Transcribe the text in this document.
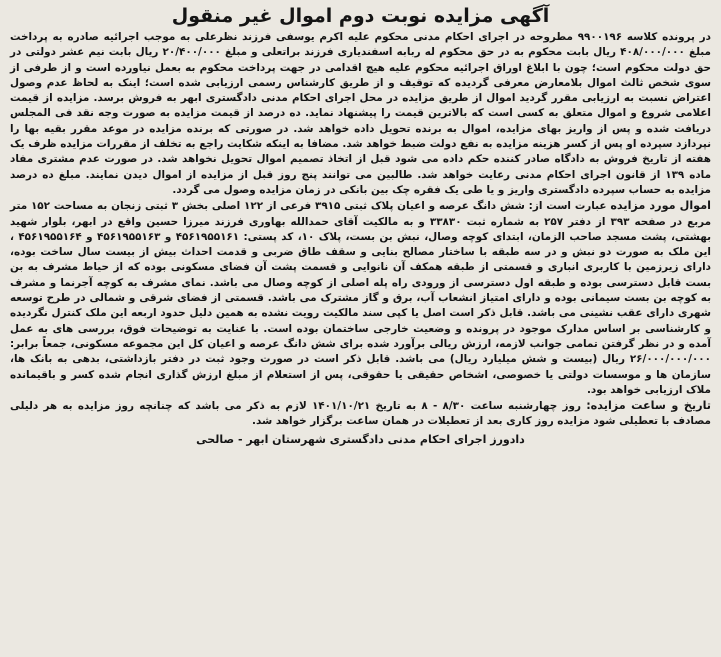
آگهی مزایده نوبت دوم اموال غیر منقول

در پرونده کلاسه ۹۹۰۰۱۹۶ مطروحه در اجرای احکام مدنی محکوم علیه اکرم یوسفی فرزند نظرعلی به موجب اجرائیه صادره به پرداخت مبلغ ۴۰۸/۰۰۰/۰۰۰ ریال بابت محکوم به در حق محکوم له ربابه اسفندیاری فرزند براتعلی و مبلغ ۲۰/۴۰۰/۰۰۰ ریال بابت نیم عشر دولتی در حق دولت محکوم است؛ چون با ابلاغ اوراق اجرائیه محکوم علیه هیچ اقدامی در جهت پرداخت محکوم به بعمل نیاورده است و از طرفی از سوی شخص ثالث اموال بلامعارض معرفی گردیده که توقیف و از طریق کارشناس رسمی ارزیابی شده است؛ اینک به لحاظ عدم وصول اعتراض نسبت به ارزیابی مقرر گردید اموال از طریق مزایده در محل اجرای احکام مدنی دادگستری ابهر به فروش برسد. مزایده از قیمت اعلامی شروع و اموال متعلق به کسی است که بالاترین قیمت را پیشنهاد نماید. ده درصد از قیمت مزایده به صورت وجه نقد فی المجلس دریافت شده و پس از واریز بهای مزایده، اموال به برنده تحویل داده خواهد شد. در صورتی که برنده مزایده در موعد مقرر بقیه بها را نپردازد سپرده او پس از کسر هزینه مزایده به نفع دولت ضبط خواهد شد. مضافا به اینکه شکایت راجع به تخلف از مقررات مزایده ظرف یک هفته از تاریخ فروش به دادگاه صادر کننده حکم داده می شود قبل از اتخاذ تصمیم اموال تحویل نخواهد شد. در صورت عدم مشتری مفاد ماده ۱۳۹ از قانون اجرای احکام مدنی رعایت خواهد شد. طالبین می توانند پنج روز قبل از مزایده از اموال دیدن نمایند. مبلغ ده درصد مزایده به حساب سپرده دادگستری واریز و یا طی یک فقره چک بین بانکی در زمان مزایده وصول می گردد.

اموال مورد مزایده عبارت است از: شش دانگ عرصه و اعیان پلاک ثبتی ۳۹۱۵ فرعی از ۱۲۲ اصلی بخش ۳ ثبتی زنجان به مساحت ۱۵۲ متر مربع در صفحه ۳۹۳ از دفتر ۲۵۷ به شماره ثبت ۳۳۸۳۰ و به مالکیت آقای حمدالله بهاوری فرزند میرزا حسین واقع در ابهر، بلوار شهید بهشتی، پشت مسجد صاحب الزمان، ابتدای کوچه وصال، نبش بن بست، پلاک ۱۰، کد پستی: ۴۵۶۱۹۵۵۱۶۱ و ۴۵۶۱۹۵۵۱۶۳ و ۴۵۶۱۹۵۵۱۶۴ ، این ملک به صورت دو نبش و در سه طبقه با ساختار مصالح بنایی و سقف طاق ضربی و قدمت احداث بیش از بیست سال ساخت بوده، دارای زیرزمین با کاربری انباری و قسمتی از طبقه همکف آن نانوایی و قسمت پشت آن فضای مسکونی بوده که از حیاط مشرف به بن بست قابل دسترسی بوده و طبقه اول دسترسی از ورودی راه پله اصلی از کوچه وصال می باشد. نمای مشرف به کوچه آجرنما و مشرف به کوچه بن بست سیمانی بوده و دارای امتیاز انشعاب آب، برق و گاز مشترک می باشد. قسمتی از فضای شرقی و شمالی در طرح توسعه شهری دارای عقب نشینی می باشد. قابل ذکر است اصل یا کپی سند مالکیت رویت نشده به همین دلیل حدود اربعه این ملک کنترل نگردیده و کارشناسی بر اساس مدارک موجود در پرونده و وضعیت خارجی ساختمان بوده است. با عنایت به توضیحات فوق، بررسی های به عمل آمده و در نظر گرفتن تمامی جوانب لازمه، ارزش ریالی برآورد شده برای شش دانگ عرصه و اعیان کل این مجموعه مسکونی، جمعاً برابر: ۲۶/۰۰۰/۰۰۰/۰۰۰ ریال (بیست و شش میلیارد ریال) می باشد. قابل ذکر است در صورت وجود ثبت در دفتر بازداشتی، بدهی به بانک ها، سازمان ها و موسسات دولتی یا خصوصی، اشخاص حقیقی یا حقوقی، پس از استعلام از مبلغ ارزش گذاری انجام شده کسر و باقیمانده ملاک ارزیابی خواهد بود.

تاریخ و ساعت مزایده: روز چهارشنبه ساعت ۸/۳۰ - ۸ به تاریخ ۱۴۰۱/۱۰/۲۱ لازم به ذکر می باشد که چنانچه روز مزایده به هر دلیلی مصادف با تعطیلی شود مزایده روز کاری بعد از تعطیلات در همان ساعت برگزار خواهد شد.

دادورز اجرای احکام مدنی دادگستری شهرستان ابهر - صالحی
